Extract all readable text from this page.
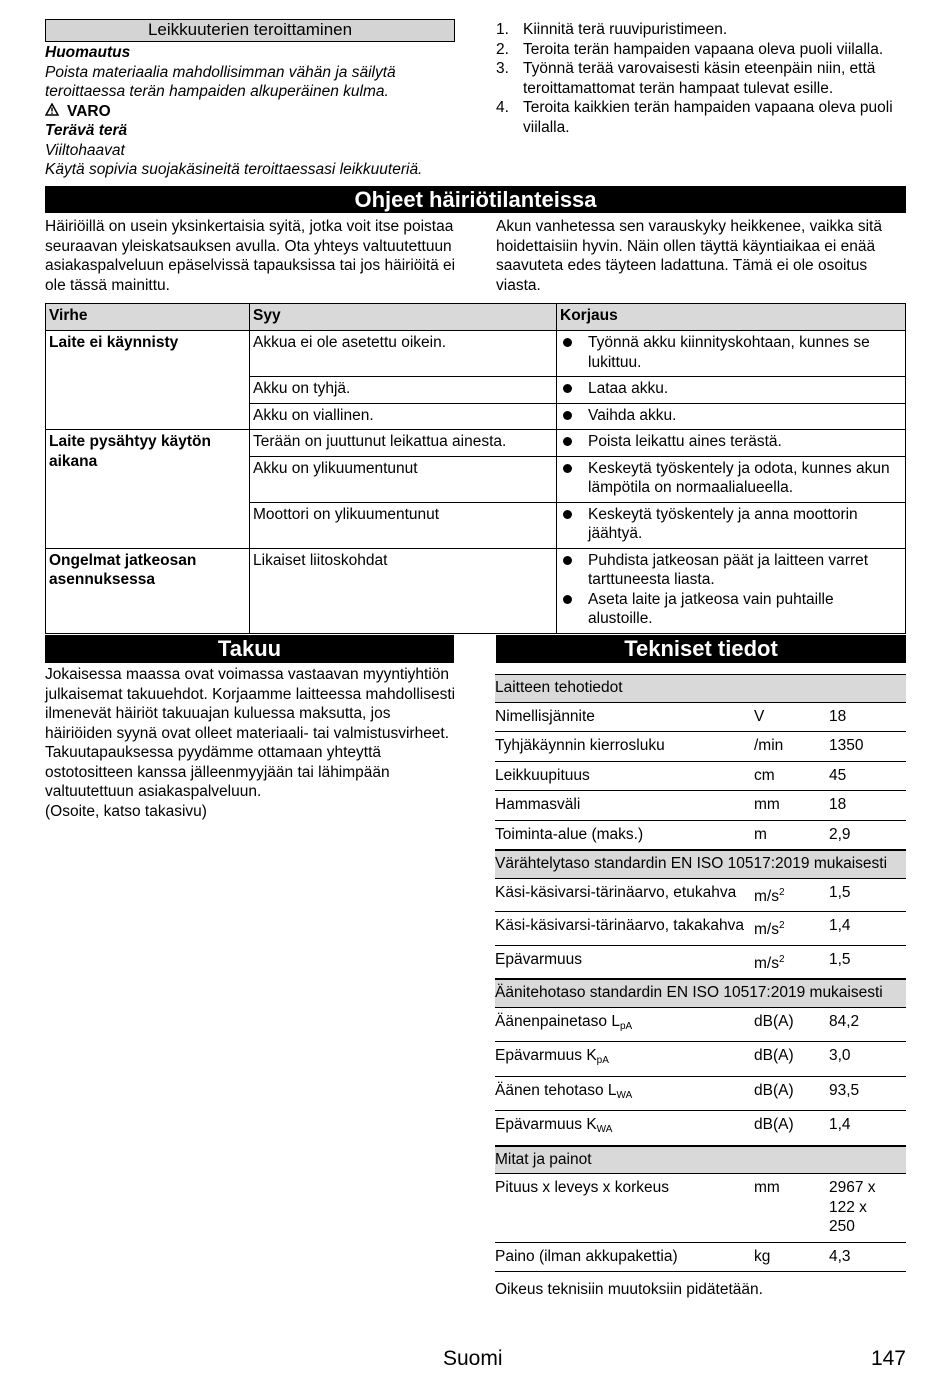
Leikkuuterien teroittaminen
Huomautus
Poista materiaalia mahdollisimman vähän ja säilytä teroittaessa terän hampaiden alkuperäinen kulma.
VARO
Terävä terä
Viiltohaavat
Käytä sopivia suojakäsineitä teroittaessasi leikkuuteriä.
1. Kiinnitä terä ruuvipuristimeen.
2. Teroita terän hampaiden vapaana oleva puoli viilalla.
3. Työnnä terää varovaisesti käsin eteenpäin niin, että teroittamattomat terän hampaat tulevat esille.
4. Teroita kaikkien terän hampaiden vapaana oleva puoli viilalla.
Ohjeet häiriötilanteissa
Häiriöillä on usein yksinkertaisia syitä, jotka voit itse poistaa seuraavan yleiskatsauksen avulla. Ota yhteys valtuutettuun asiakaspalveluun epäselvissä tapauksissa tai jos häiriöitä ei ole tässä mainittu.
Akun vanhetessa sen varauskyky heikkenee, vaikka sitä hoidettaisiin hyvin. Näin ollen täyttä käyntiaikaa ei enää saavuteta edes täyteen ladattuna. Tämä ei ole osoitus viasta.
Virhe	Syy	Korjaus
Laite ei käynnisty	Akkua ei ole asetettu oikein.	Työnnä akku kiinnityskohtaan, kunnes se lukittuu.

	Akku on tyhjä.	Lataa akku.

	Akku on viallinen.	Vaihda akku.

Laite pysähtyy käytön aikana	Terään on juuttunut leikattua ainesta.	Poista leikattu aines terästä.

	Akku on ylikuumentunut	Keskeytä työskentely ja odota, kunnes akun lämpötila on normaalialueella.

	Moottori on ylikuumentunut	Keskeytä työskentely ja anna moottorin jäähtyä.

Ongelmat jatkeosan asennuksessa	Likaiset liitoskohdat	Puhdista jatkeosan päät ja laitteen varret tarttuneesta liasta.
Aseta laite ja jatkeosa vain puhtaille alustoille.
Takuu
Jokaisessa maassa ovat voimassa vastaavan myyntiyhtiön julkaisemat takuuehdot. Korjaamme laitteessa mahdollisesti ilmenevät häiriöt takuuajan kuluessa maksutta, jos häiriöiden syynä ovat olleet materiaali- tai valmistusvirheet. Takuutapauksessa pyydämme ottamaan yhteyttä ostotositteen kanssa jälleenmyyjään tai lähimpään valtuutettuun asiakaspalveluun.
(Osoite, katso takasivu)
Tekniset tiedot
Laitteen tehotiedot
Nimellisjännite	V	18
Tyhjäkäynnin kierrosluku	/min	1350
Leikkuupituus	cm	45
Hammasväli	mm	18
Toiminta-alue (maks.)	m	2,9
Värähtelytaso standardin EN ISO 10517:2019 mukaisesti
Käsi-käsivarsi-tärinäarvo, etukahva	$m/s^2$	1,5
Käsi-käsivarsi-tärinäarvo, takakahva $m/s^2$	1,4
Epävarmuus	$m/s^2$	1,5
Äänitehotaso standardin EN ISO 10517:2019 mukaisesti
Äänenpainetaso $L_{pA}$	dB(A)	84,2
Epävarmuus $K_{pA}$	dB(A)	3,0
Äänen tehotaso $L_{WA}$	dB(A)	93,5
Epävarmuus $K_{WA}$	dB(A)	1,4
Mitat ja painot
Pituus x leveys x korkeus	mm	2967 x
122 x
250
Paino (ilman akkupakettia)	kg	4,3
Oikeus teknisiin muutoksiin pidätetään.
Suomi	147
